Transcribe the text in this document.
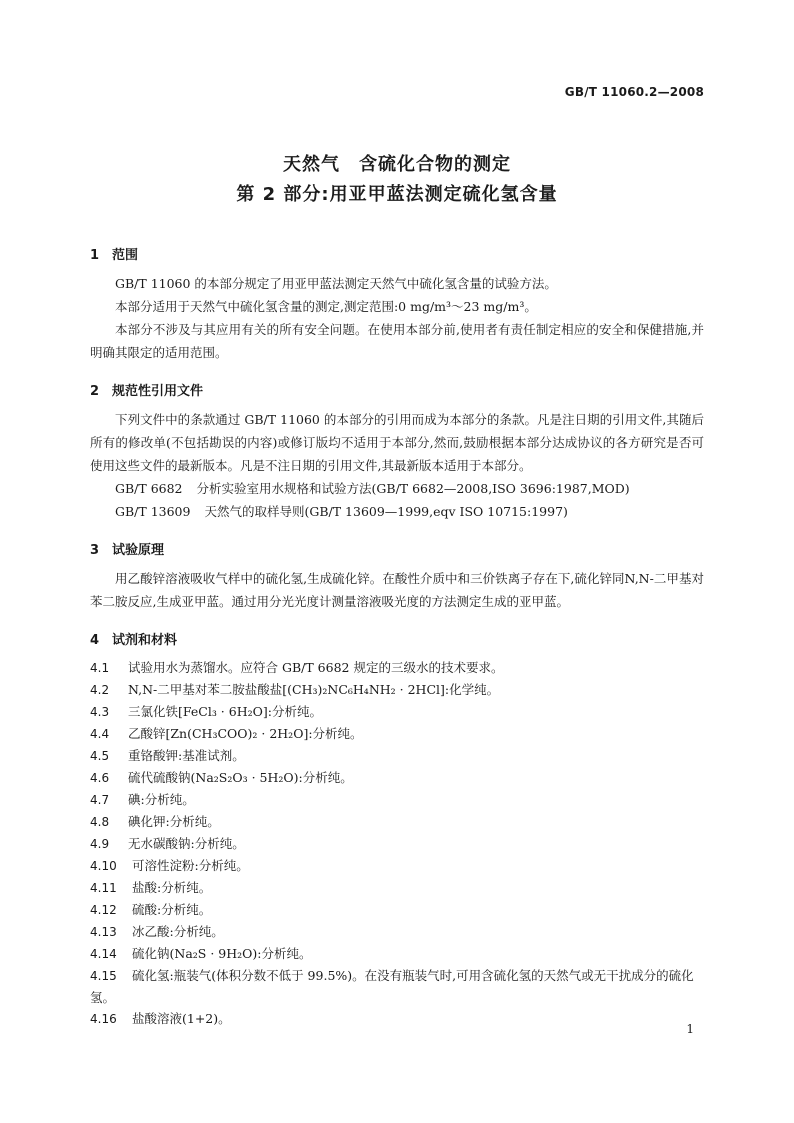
GB/T 11060.2—2008
天然气　含硫化合物的测定
第 2 部分:用亚甲蓝法测定硫化氢含量
1 范围

GB/T 11060 的本部分规定了用亚甲蓝法测定天然气中硫化氢含量的试验方法。

本部分适用于天然气中硫化氢含量的测定,测定范围:0 mg/m³～23 mg/m³。

本部分不涉及与其应用有关的所有安全问题。在使用本部分前,使用者有责任制定相应的安全和保健措施,并明确其限定的适用范围。

2 规范性引用文件

下列文件中的条款通过 GB/T 11060 的本部分的引用而成为本部分的条款。凡是注日期的引用文件,其随后所有的修改单(不包括勘误的内容)或修订版均不适用于本部分,然而,鼓励根据本部分达成协议的各方研究是否可使用这些文件的最新版本。凡是不注日期的引用文件,其最新版本适用于本部分。

GB/T 6682 分析实验室用水规格和试验方法(GB/T 6682—2008,ISO 3696:1987,MOD)

GB/T 13609 天然气的取样导则(GB/T 13609—1999,eqv ISO 10715:1997)

3 试验原理

用乙酸锌溶液吸收气样中的硫化氢,生成硫化锌。在酸性介质中和三价铁离子存在下,硫化锌同N,N-二甲基对苯二胺反应,生成亚甲蓝。通过用分光光度计测量溶液吸光度的方法测定生成的亚甲蓝。

4 试剂和材料

4.1 试验用水为蒸馏水。应符合 GB/T 6682 规定的三级水的技术要求。

4.2 N,N-二甲基对苯二胺盐酸盐[(CH₃)₂NC₆H₄NH₂ · 2HCl]:化学纯。

4.3 三氯化铁[FeCl₃ · 6H₂O]:分析纯。

4.4 乙酸锌[Zn(CH₃COO)₂ · 2H₂O]:分析纯。

4.5 重铬酸钾:基准试剂。

4.6 硫代硫酸钠(Na₂S₂O₃ · 5H₂O):分析纯。

4.7 碘:分析纯。

4.8 碘化钾:分析纯。

4.9 无水碳酸钠:分析纯。

4.10 可溶性淀粉:分析纯。

4.11 盐酸:分析纯。

4.12 硫酸:分析纯。

4.13 冰乙酸:分析纯。

4.14 硫化钠(Na₂S · 9H₂O):分析纯。

4.15 硫化氢:瓶装气(体积分数不低于 99.5%)。在没有瓶装气时,可用含硫化氢的天然气或无干扰成分的硫化氢。

4.16 盐酸溶液(1+2)。

1
